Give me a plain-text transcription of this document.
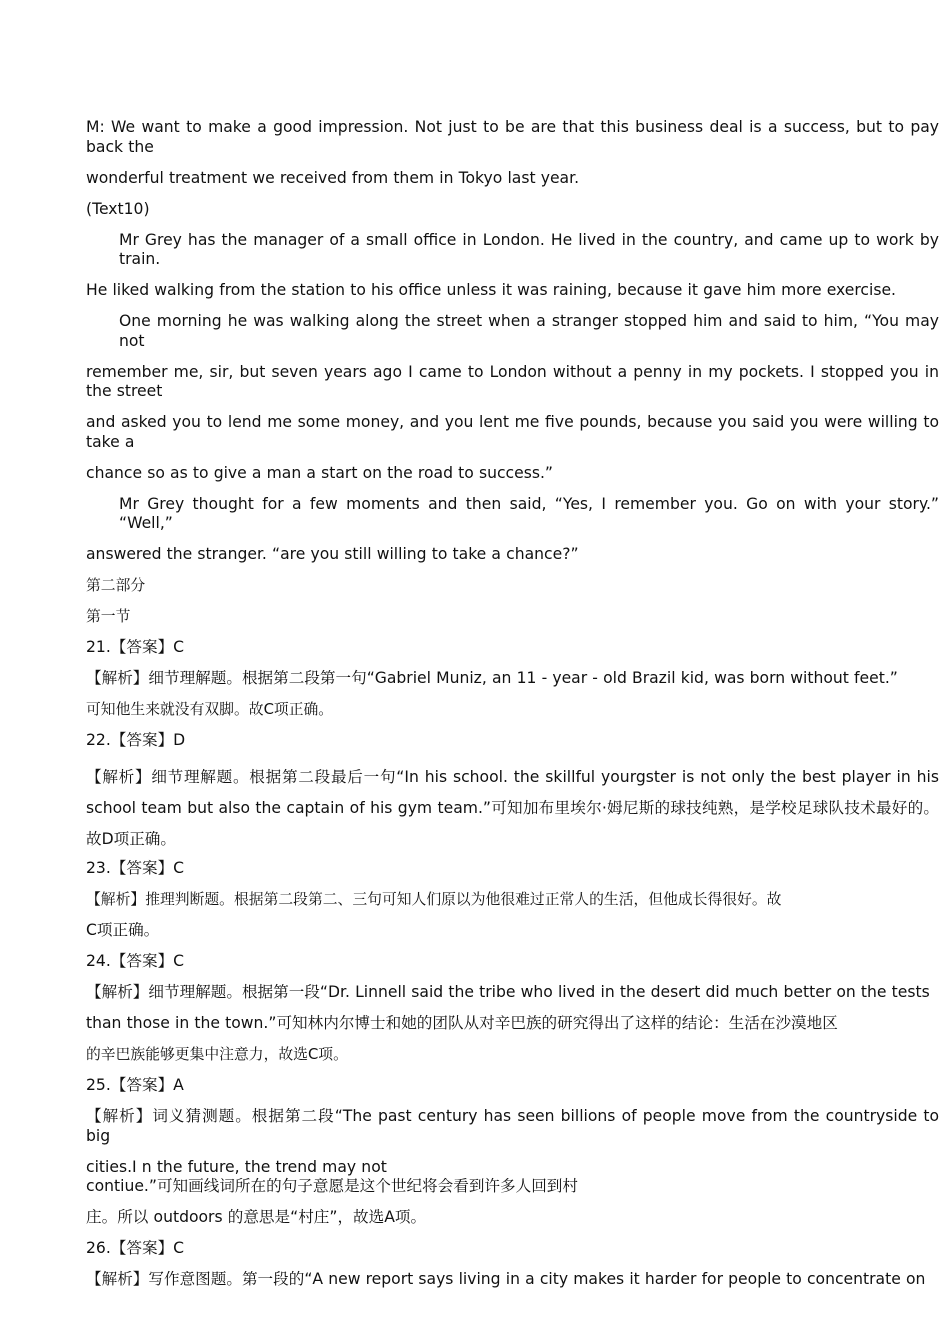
M: We want to make a good impression. Not just to be are that this business deal is a success, but to pay back the

wonderful treatment we received from them in Tokyo last year.

(Text10)

Mr Grey has the manager of a small office in London. He lived in the country, and came up to work by train.

He liked walking from the station to his office unless it was raining, because it gave him more exercise.

One morning he was walking along the street when a stranger stopped him and said to him, “You may not

remember me, sir, but seven years ago I came to London without a penny in my pockets. I stopped you in the street

and asked you to lend me some money, and you lent me five pounds, because you said you were willing to take a

chance so as to give a man a start on the road to success.”

Mr Grey thought for a few moments and then said, “Yes, I remember you. Go on with your story.” “Well,”

answered the stranger. “are you still willing to take a chance?”

第二部分

第一节

21.【答案】C

【解析】细节理解题。根据第二段第一句“Gabriel Muniz, an 11 - year - old Brazil kid, was born without feet.”

可知他生来就没有双脚。故C项正确。

22.【答案】D

【解析】细节理解题。根据第二段最后一句“In his school. the skillful yourgster is not only the best player in his school team but also the captain of his gym team.”可知加布里埃尔·姆尼斯的球技纯熟，是学校足球队技术最好的。故D项正确。

23.【答案】C

【解析】推理判断题。根据第二段第二、三句可知人们原以为他很难过正常人的生活，但他成长得很好。故

C项正确。

24.【答案】C

【解析】细节理解题。根据第一段“Dr. Linnell said the tribe who lived in the desert did much better on the tests

than those in the town.”可知林内尔博士和她的团队从对辛巴族的研究得出了这样的结论：生活在沙漠地区

的辛巴族能够更集中注意力，故选C项。

25.【答案】A

【解析】词义猜测题。根据第二段“The past century has seen billions of people move from the countryside to big

cities.I n the future, the trend may not

contiue.”可知画线词所在的句子意愿是这个世纪将会看到许多人回到村

庄。所以 outdoors 的意思是“村庄”，故选A项。

26.【答案】C

【解析】写作意图题。第一段的“A new report says living in a city makes it harder for people to concentrate on
